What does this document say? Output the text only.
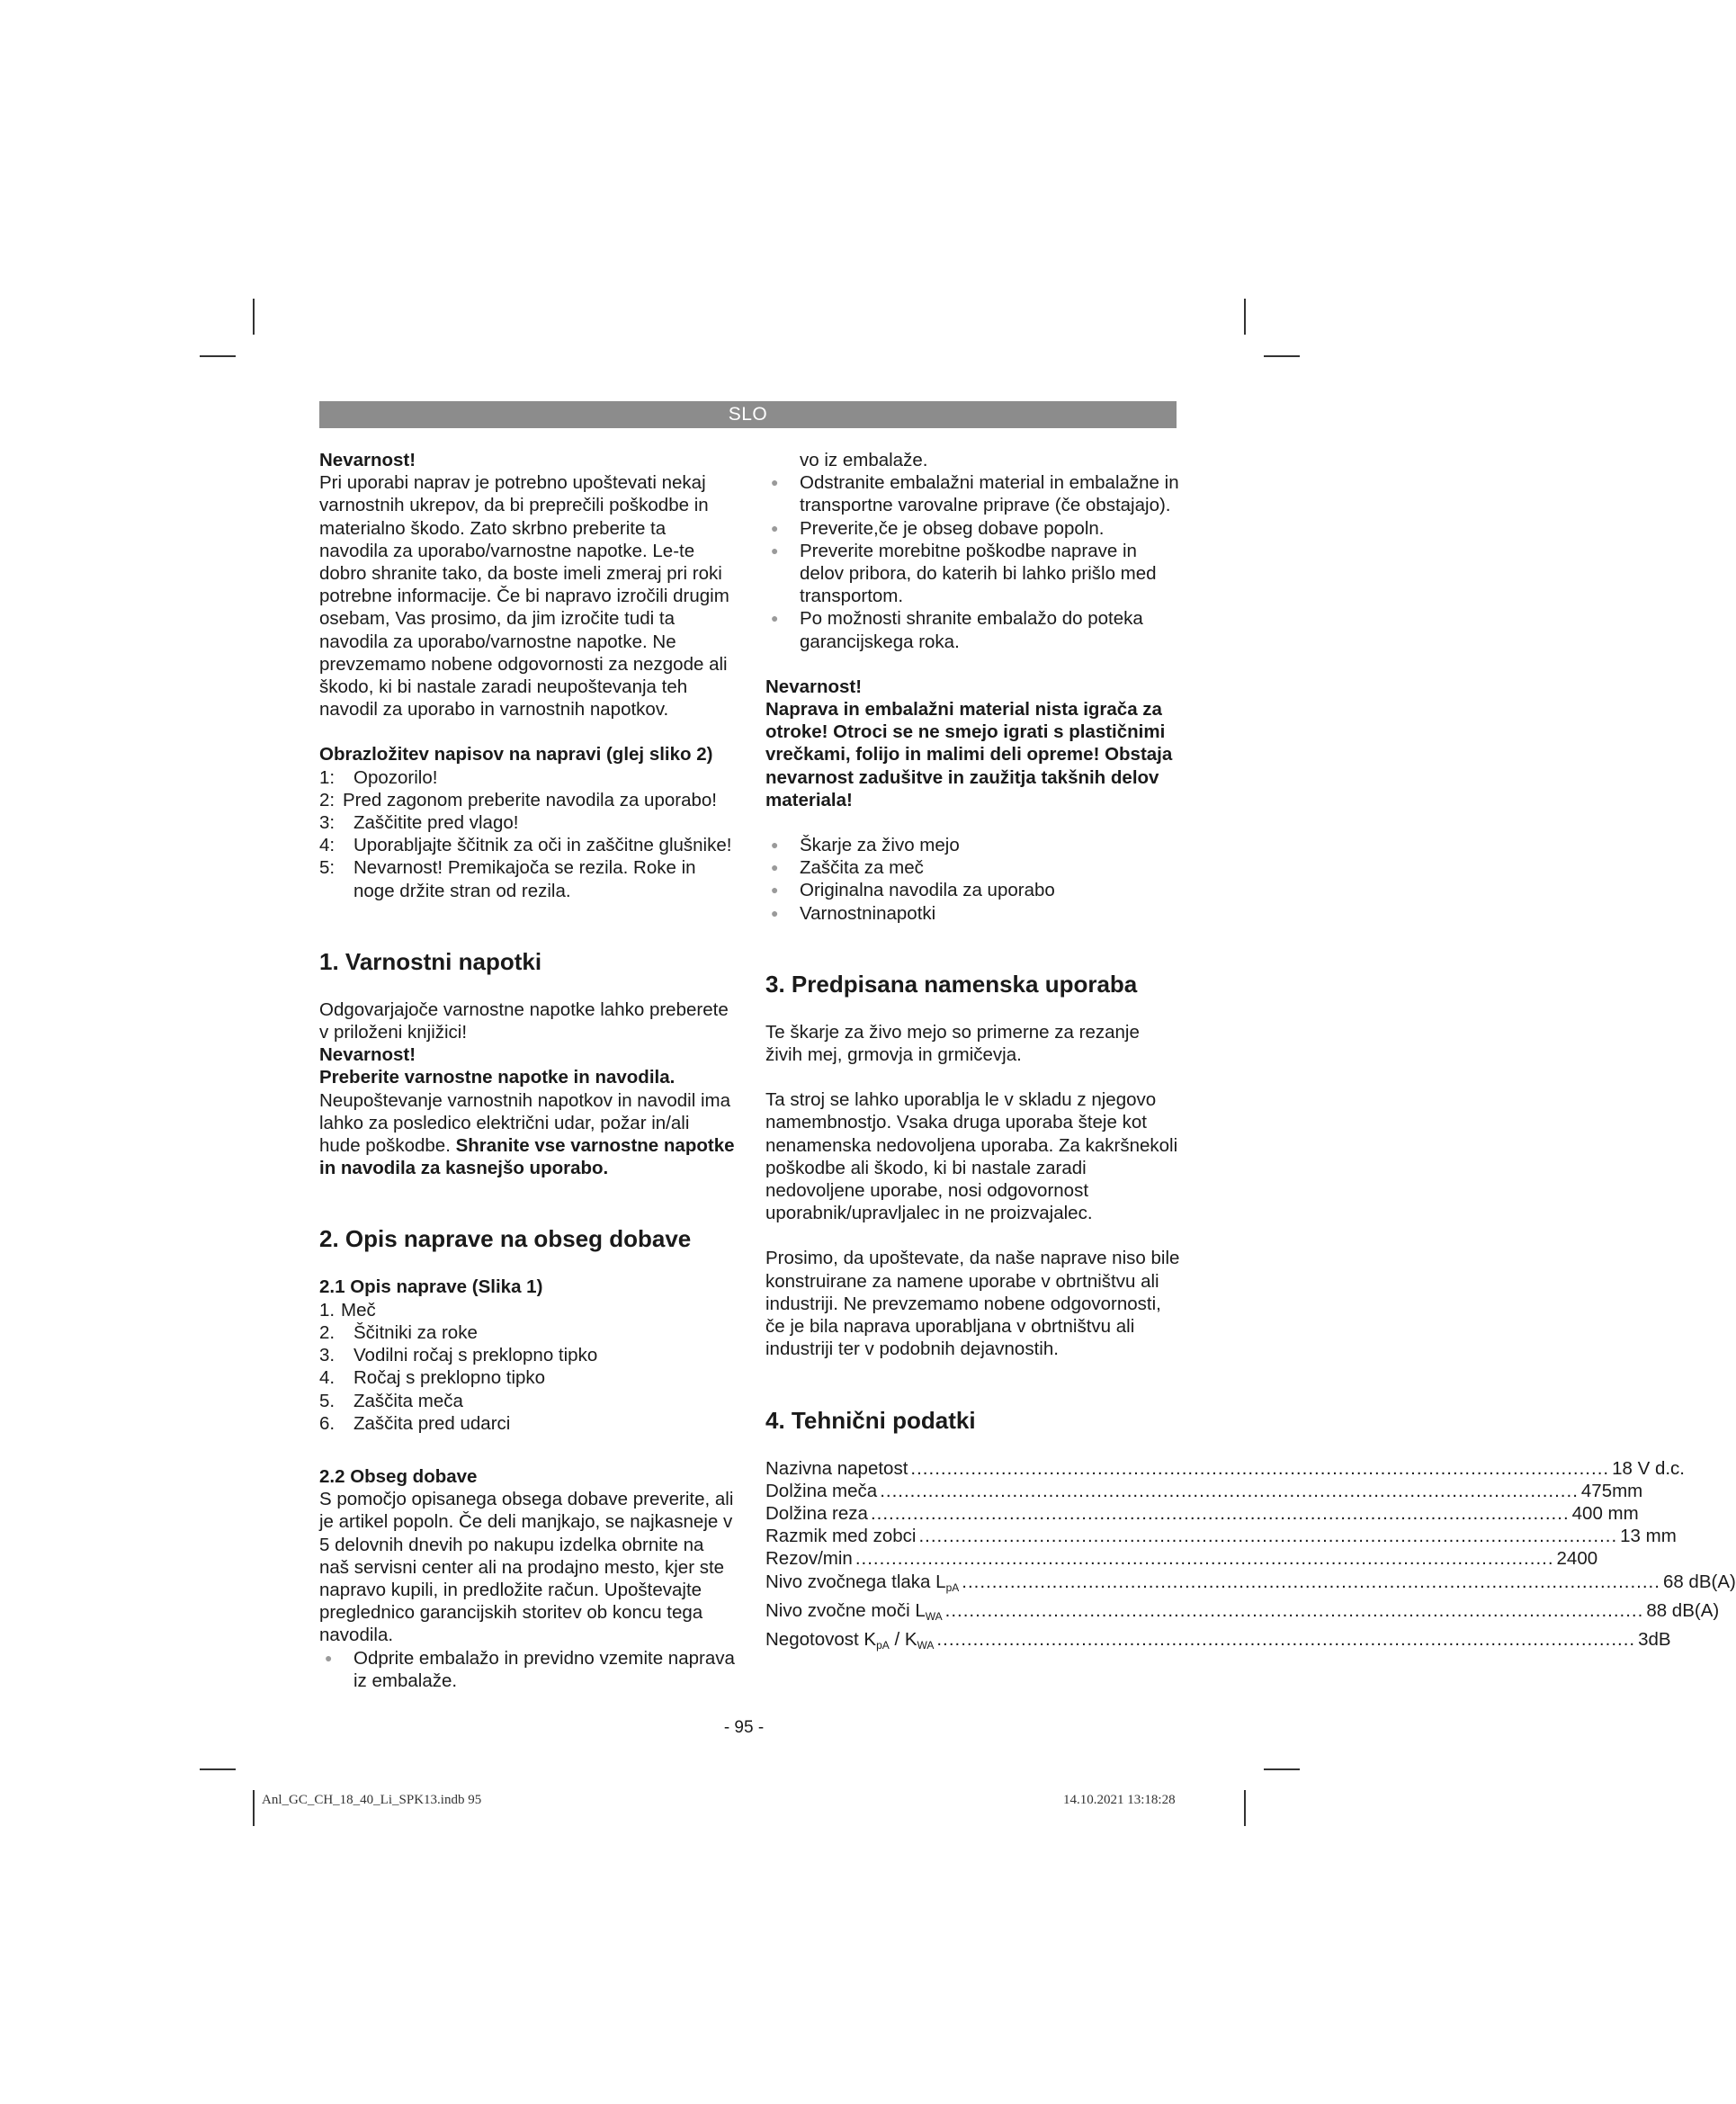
SLO

Nevarnost!

Pri uporabi naprav je potrebno upoštevati nekaj varnostnih ukrepov, da bi preprečili poškodbe in materialno škodo. Zato skrbno preberite ta navodila za uporabo/varnostne napotke. Le-te dobro shranite tako, da boste imeli zmeraj pri roki potrebne informacije. Če bi napravo izročili drugim osebam, Vas prosimo, da jim izročite tudi ta navodila za uporabo/varnostne napotke. Ne prevzemamo nobene odgovornosti za nezgode ali škodo, ki bi nastale zaradi neupoštevanja teh navodil za uporabo in varnostnih napotkov.

Obrazložitev napisov na napravi (glej sliko 2)

1: Opozorilo!
2: Pred zagonom preberite navodila za uporabo!
3: Zaščitite pred vlago!
4: Uporabljajte ščitnik za oči in zaščitne glušnike!
5: Nevarnost! Premikajoča se rezila. Roke in noge držite stran od rezila.

1. Varnostni napotki

Odgovarjajoče varnostne napotke lahko preberete v priloženi knjižici!

Nevarnost!

Preberite varnostne napotke in navodila.

Neupoštevanje varnostnih napotkov in navodil ima lahko za posledico električni udar, požar in/ali hude poškodbe. Shranite vse varnostne napotke in navodila za kasnejšo uporabo.

2. Opis naprave na obseg dobave

2.1 Opis naprave (Slika 1)

1. Meč
2. Ščitniki za roke
3. Vodilni ročaj s preklopno tipko
4. Ročaj s preklopno tipko
5. Zaščita meča
6. Zaščita pred udarci

2.2 Obseg dobave

S pomočjo opisanega obsega dobave preverite, ali je artikel popoln. Če deli manjkajo, se najkasneje v 5 delovnih dnevih po nakupu izdelka obrnite na naš servisni center ali na prodajno mesto, kjer ste napravo kupili, in predložite račun. Upoštevajte preglednico garancijskih storitev ob koncu tega navodila.

● Odprite embalažo in previdno vzemite naprava iz embalaže.

vo iz embalaže.

● Odstranite embalažni material in embalažne in transportne varovalne priprave (če obstajajo).
● Preverite,če je obseg dobave popoln.
● Preverite morebitne poškodbe naprave in delov pribora, do katerih bi lahko prišlo med transportom.
● Po možnosti shranite embalažo do poteka garancijskega roka.

Nevarnost!

Naprava in embalažni material nista igrača za otroke! Otroci se ne smejo igrati s plastičnimi vrečkami, folijo in malimi deli opreme! Obstaja nevarnost zadušitve in zaužitja takšnih delov materiala!

● Škarje za živo mejo
● Zaščita za meč
● Originalna navodila za uporabo
● Varnostninapotki

3. Predpisana namenska uporaba

Te škarje za živo mejo so primerne za rezanje živih mej, grmovja in grmičevja.

Ta stroj se lahko uporablja le v skladu z njegovo namembnostjo. Vsaka druga uporaba šteje kot nenamenska nedovoljena uporaba. Za kakršnekoli poškodbe ali škodo, ki bi nastale zaradi nedovoljene uporabe, nosi odgovornost uporabnik/upravljalec in ne proizvajalec.

Prosimo, da upoštevate, da naše naprave niso bile konstruirane za namene uporabe v obrtništvu ali industriji. Ne prevzemamo nobene odgovornosti, če je bila naprava uporabljana v obrtništvu ali industriji ter v podobnih dejavnostih.

4. Tehnični podatki

Nazivna napetost .....	18 V d.c.
Dolžina meča .....	475mm
Dolžina reza .....	400 mm
Razmik med zobci .....	13 mm
Rezov/min .....	2400
Nivo zvočnega tlaka $L_{pA}$ .....	68 dB(A)
Nivo zvočne moči $L_{WA}$ .....	88 dB(A)
Negotovost $K_{pA} / K_{WA}$ .....	3dB
- 95 -
Anl_GC_CH_18_40_Li_SPK13.indb 95	14.10.2021 13:18:28
